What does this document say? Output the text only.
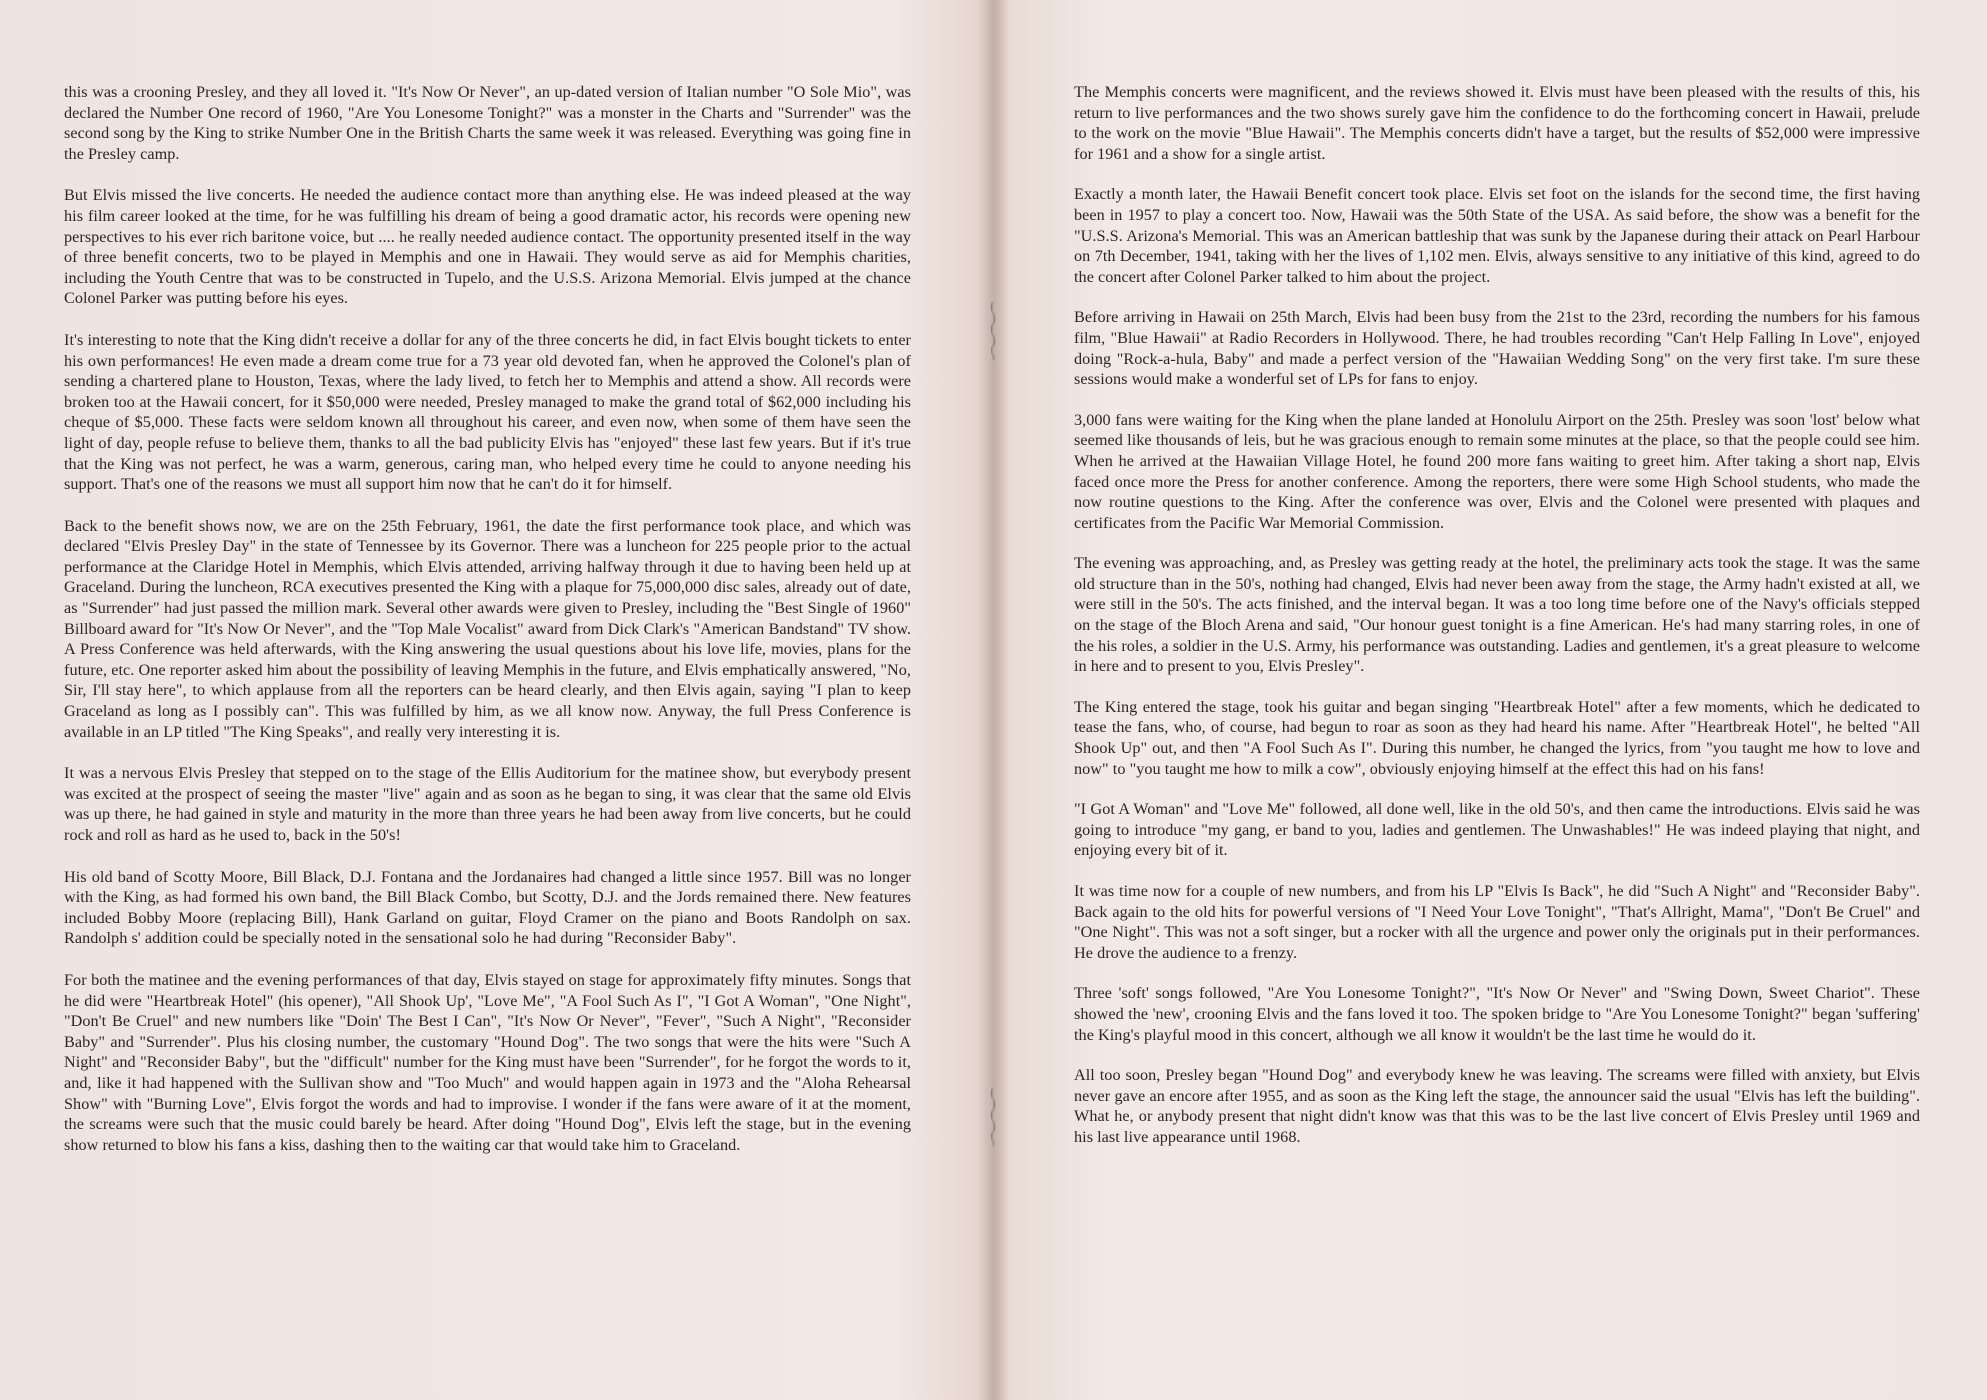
this was a crooning Presley, and they all loved it. "It's Now Or Never", an up-dated version of Italian number "O Sole Mio", was declared the Number One record of 1960, "Are You Lonesome Tonight?" was a monster in the Charts and "Surrender" was the second song by the King to strike Number One in the British Charts the same week it was released. Everything was going fine in the Presley camp.

But Elvis missed the live concerts. He needed the audience contact more than anything else. He was indeed pleased at the way his film career looked at the time, for he was fulfilling his dream of being a good dramatic actor, his records were opening new perspectives to his ever rich baritone voice, but .... he really needed audience contact. The opportunity presented itself in the way of three benefit concerts, two to be played in Memphis and one in Hawaii. They would serve as aid for Memphis charities, including the Youth Centre that was to be constructed in Tupelo, and the U.S.S. Arizona Memorial. Elvis jumped at the chance Colonel Parker was putting before his eyes.

It's interesting to note that the King didn't receive a dollar for any of the three concerts he did, in fact Elvis bought tickets to enter his own performances! He even made a dream come true for a 73 year old devoted fan, when he approved the Colonel's plan of sending a chartered plane to Houston, Texas, where the lady lived, to fetch her to Memphis and attend a show. All records were broken too at the Hawaii concert, for it $50,000 were needed, Presley managed to make the grand total of $62,000 including his cheque of $5,000. These facts were seldom known all throughout his career, and even now, when some of them have seen the light of day, people refuse to believe them, thanks to all the bad publicity Elvis has "enjoyed" these last few years. But if it's true that the King was not perfect, he was a warm, generous, caring man, who helped every time he could to anyone needing his support. That's one of the reasons we must all support him now that he can't do it for himself.

Back to the benefit shows now, we are on the 25th February, 1961, the date the first performance took place, and which was declared "Elvis Presley Day" in the state of Tennessee by its Governor. There was a luncheon for 225 people prior to the actual performance at the Claridge Hotel in Memphis, which Elvis attended, arriving halfway through it due to having been held up at Graceland. During the luncheon, RCA executives presented the King with a plaque for 75,000,000 disc sales, already out of date, as "Surrender" had just passed the million mark. Several other awards were given to Presley, including the "Best Single of 1960" Billboard award for "It's Now Or Never", and the "Top Male Vocalist" award from Dick Clark's "American Bandstand" TV show. A Press Conference was held afterwards, with the King answering the usual questions about his love life, movies, plans for the future, etc. One reporter asked him about the possibility of leaving Memphis in the future, and Elvis emphatically answered, "No, Sir, I'll stay here", to which applause from all the reporters can be heard clearly, and then Elvis again, saying "I plan to keep Graceland as long as I possibly can". This was fulfilled by him, as we all know now. Anyway, the full Press Conference is available in an LP titled "The King Speaks", and really very interesting it is.

It was a nervous Elvis Presley that stepped on to the stage of the Ellis Auditorium for the matinee show, but everybody present was excited at the prospect of seeing the master "live" again and as soon as he began to sing, it was clear that the same old Elvis was up there, he had gained in style and maturity in the more than three years he had been away from live concerts, but he could rock and roll as hard as he used to, back in the 50's!

His old band of Scotty Moore, Bill Black, D.J. Fontana and the Jordanaires had changed a little since 1957. Bill was no longer with the King, as had formed his own band, the Bill Black Combo, but Scotty, D.J. and the Jords remained there. New features included Bobby Moore (replacing Bill), Hank Garland on guitar, Floyd Cramer on the piano and Boots Randolph on sax. Randolph s' addition could be specially noted in the sensational solo he had during "Reconsider Baby".

For both the matinee and the evening performances of that day, Elvis stayed on stage for approximately fifty minutes. Songs that he did were "Heartbreak Hotel" (his opener), "All Shook Up', "Love Me", "A Fool Such As I", "I Got A Woman", "One Night", "Don't Be Cruel" and new numbers like "Doin' The Best I Can", "It's Now Or Never", "Fever", "Such A Night", "Reconsider Baby" and "Surrender". Plus his closing number, the customary "Hound Dog". The two songs that were the hits were "Such A Night" and "Reconsider Baby", but the "difficult" number for the King must have been "Surrender", for he forgot the words to it, and, like it had happened with the Sullivan show and "Too Much" and would happen again in 1973 and the "Aloha Rehearsal Show" with "Burning Love", Elvis forgot the words and had to improvise. I wonder if the fans were aware of it at the moment, the screams were such that the music could barely be heard. After doing "Hound Dog", Elvis left the stage, but in the evening show returned to blow his fans a kiss, dashing then to the waiting car that would take him to Graceland.

The Memphis concerts were magnificent, and the reviews showed it. Elvis must have been pleased with the results of this, his return to live performances and the two shows surely gave him the confidence to do the forthcoming concert in Hawaii, prelude to the work on the movie "Blue Hawaii". The Memphis concerts didn't have a target, but the results of $52,000 were impressive for 1961 and a show for a single artist.

Exactly a month later, the Hawaii Benefit concert took place. Elvis set foot on the islands for the second time, the first having been in 1957 to play a concert too. Now, Hawaii was the 50th State of the USA. As said before, the show was a benefit for the "U.S.S. Arizona's Memorial. This was an American battleship that was sunk by the Japanese during their attack on Pearl Harbour on 7th December, 1941, taking with her the lives of 1,102 men. Elvis, always sensitive to any initiative of this kind, agreed to do the concert after Colonel Parker talked to him about the project.

Before arriving in Hawaii on 25th March, Elvis had been busy from the 21st to the 23rd, recording the numbers for his famous film, "Blue Hawaii" at Radio Recorders in Hollywood. There, he had troubles recording "Can't Help Falling In Love", enjoyed doing "Rock-a-hula, Baby" and made a perfect version of the "Hawaiian Wedding Song" on the very first take. I'm sure these sessions would make a wonderful set of LPs for fans to enjoy.

3,000 fans were waiting for the King when the plane landed at Honolulu Airport on the 25th. Presley was soon 'lost' below what seemed like thousands of leis, but he was gracious enough to remain some minutes at the place, so that the people could see him. When he arrived at the Hawaiian Village Hotel, he found 200 more fans waiting to greet him. After taking a short nap, Elvis faced once more the Press for another conference. Among the reporters, there were some High School students, who made the now routine questions to the King. After the conference was over, Elvis and the Colonel were presented with plaques and certificates from the Pacific War Memorial Commission.

The evening was approaching, and, as Presley was getting ready at the hotel, the preliminary acts took the stage. It was the same old structure than in the 50's, nothing had changed, Elvis had never been away from the stage, the Army hadn't existed at all, we were still in the 50's. The acts finished, and the interval began. It was a too long time before one of the Navy's officials stepped on the stage of the Bloch Arena and said, "Our honour guest tonight is a fine American. He's had many starring roles, in one of the his roles, a soldier in the U.S. Army, his performance was outstanding. Ladies and gentlemen, it's a great pleasure to welcome in here and to present to you, Elvis Presley".

The King entered the stage, took his guitar and began singing "Heartbreak Hotel" after a few moments, which he dedicated to tease the fans, who, of course, had begun to roar as soon as they had heard his name. After "Heartbreak Hotel", he belted "All Shook Up" out, and then "A Fool Such As I". During this number, he changed the lyrics, from "you taught me how to love and now" to "you taught me how to milk a cow", obviously enjoying himself at the effect this had on his fans!

"I Got A Woman" and "Love Me" followed, all done well, like in the old 50's, and then came the introductions. Elvis said he was going to introduce "my gang, er band to you, ladies and gentlemen. The Unwashables!" He was indeed playing that night, and enjoying every bit of it.

It was time now for a couple of new numbers, and from his LP "Elvis Is Back", he did "Such A Night" and "Reconsider Baby". Back again to the old hits for powerful versions of "I Need Your Love Tonight", "That's Allright, Mama", "Don't Be Cruel" and "One Night". This was not a soft singer, but a rocker with all the urgence and power only the originals put in their performances. He drove the audience to a frenzy.

Three 'soft' songs followed, "Are You Lonesome Tonight?", "It's Now Or Never" and "Swing Down, Sweet Chariot". These showed the 'new', crooning Elvis and the fans loved it too. The spoken bridge to "Are You Lonesome Tonight?" began 'suffering' the King's playful mood in this concert, although we all know it wouldn't be the last time he would do it.

All too soon, Presley began "Hound Dog" and everybody knew he was leaving. The screams were filled with anxiety, but Elvis never gave an encore after 1955, and as soon as the King left the stage, the announcer said the usual "Elvis has left the building". What he, or anybody present that night didn't know was that this was to be the last live concert of Elvis Presley until 1969 and his last live appearance until 1968.
